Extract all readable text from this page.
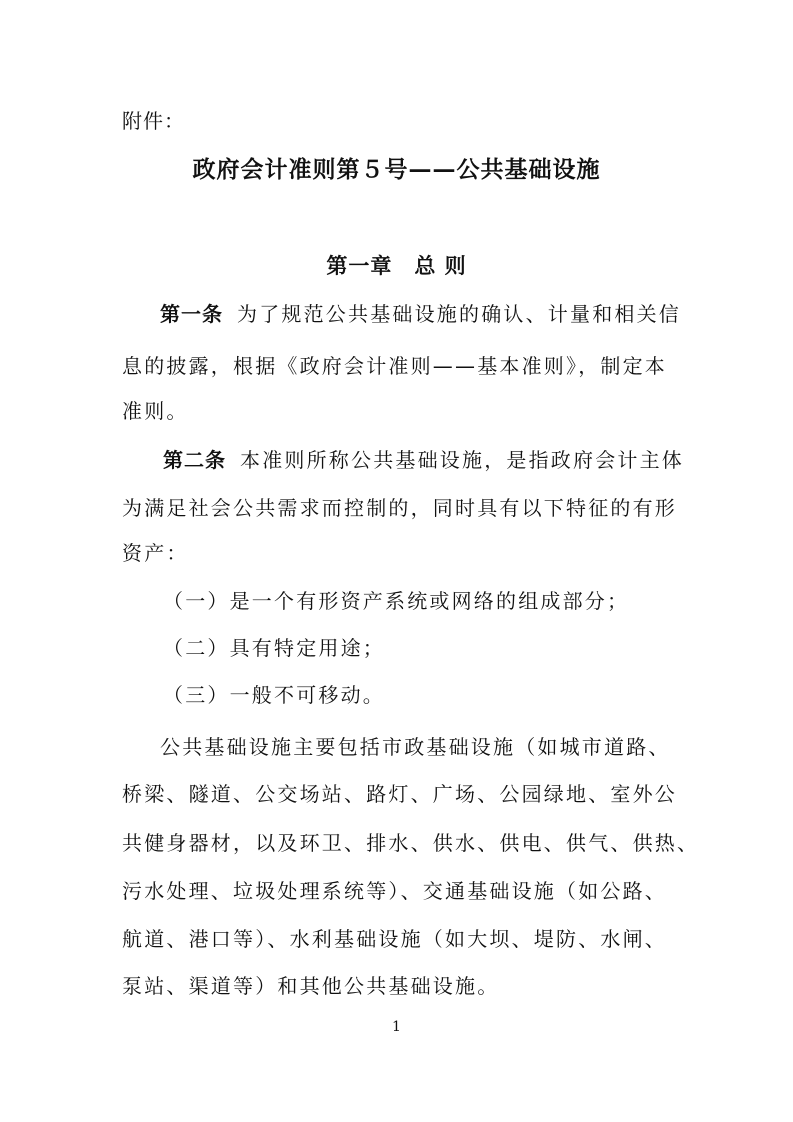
附件：
政府会计准则第５号——公共基础设施
第一章 总 则
第一条 为了规范公共基础设施的确认、计量和相关信
息的披露，根据《政府会计准则——基本准则》，制定本
准则。
第二条 本准则所称公共基础设施，是指政府会计主体
为满足社会公共需求而控制的，同时具有以下特征的有形
资产：
（一）是一个有形资产系统或网络的组成部分；
（二）具有特定用途；
（三）一般不可移动。
公共基础设施主要包括市政基础设施（如城市道路、
桥梁、隧道、公交场站、路灯、广场、公园绿地、室外公
共健身器材，以及环卫、排水、供水、供电、供气、供热、
污水处理、垃圾处理系统等）、交通基础设施（如公路、
航道、港口等）、水利基础设施（如大坝、堤防、水闸、
泵站、渠道等）和其他公共基础设施。
1
